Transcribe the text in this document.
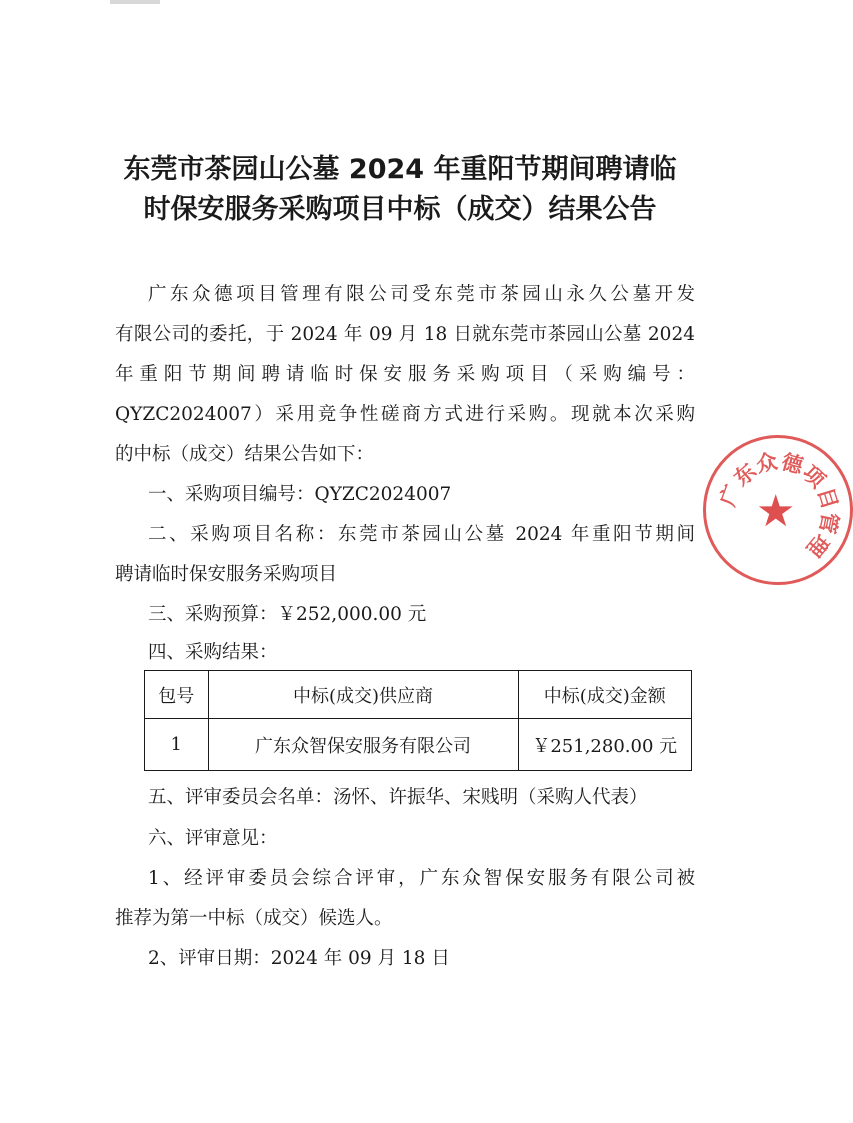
东莞市茶园山公墓 2024 年重阳节期间聘请临
时保安服务采购项目中标（成交）结果公告
广东众德项目管理有限公司受东莞市茶园山永久公墓开发
有限公司的委托，于 2024 年 09 月 18 日就东莞市茶园山公墓 2024
年重阳节期间聘请临时保安服务采购项目（采购编号：
QYZC2024007）采用竞争性磋商方式进行采购。现就本次采购
的中标（成交）结果公告如下：
一、采购项目编号：QYZC2024007
二、采购项目名称：东莞市茶园山公墓 2024 年重阳节期间
聘请临时保安服务采购项目
三、采购预算：￥252,000.00 元
四、采购结果：
包号	中标(成交)供应商	中标(成交)金额
1	广东众智保安服务有限公司	￥251,280.00 元
五、评审委员会名单：汤怀、许振华、宋贱明（采购人代表）
六、评审意见：
1、经评审委员会综合评审，广东众智保安服务有限公司被
推荐为第一中标（成交）候选人。
2、评审日期：2024 年 09 月 18 日
★
广
东
众
德
项
目
管
理
